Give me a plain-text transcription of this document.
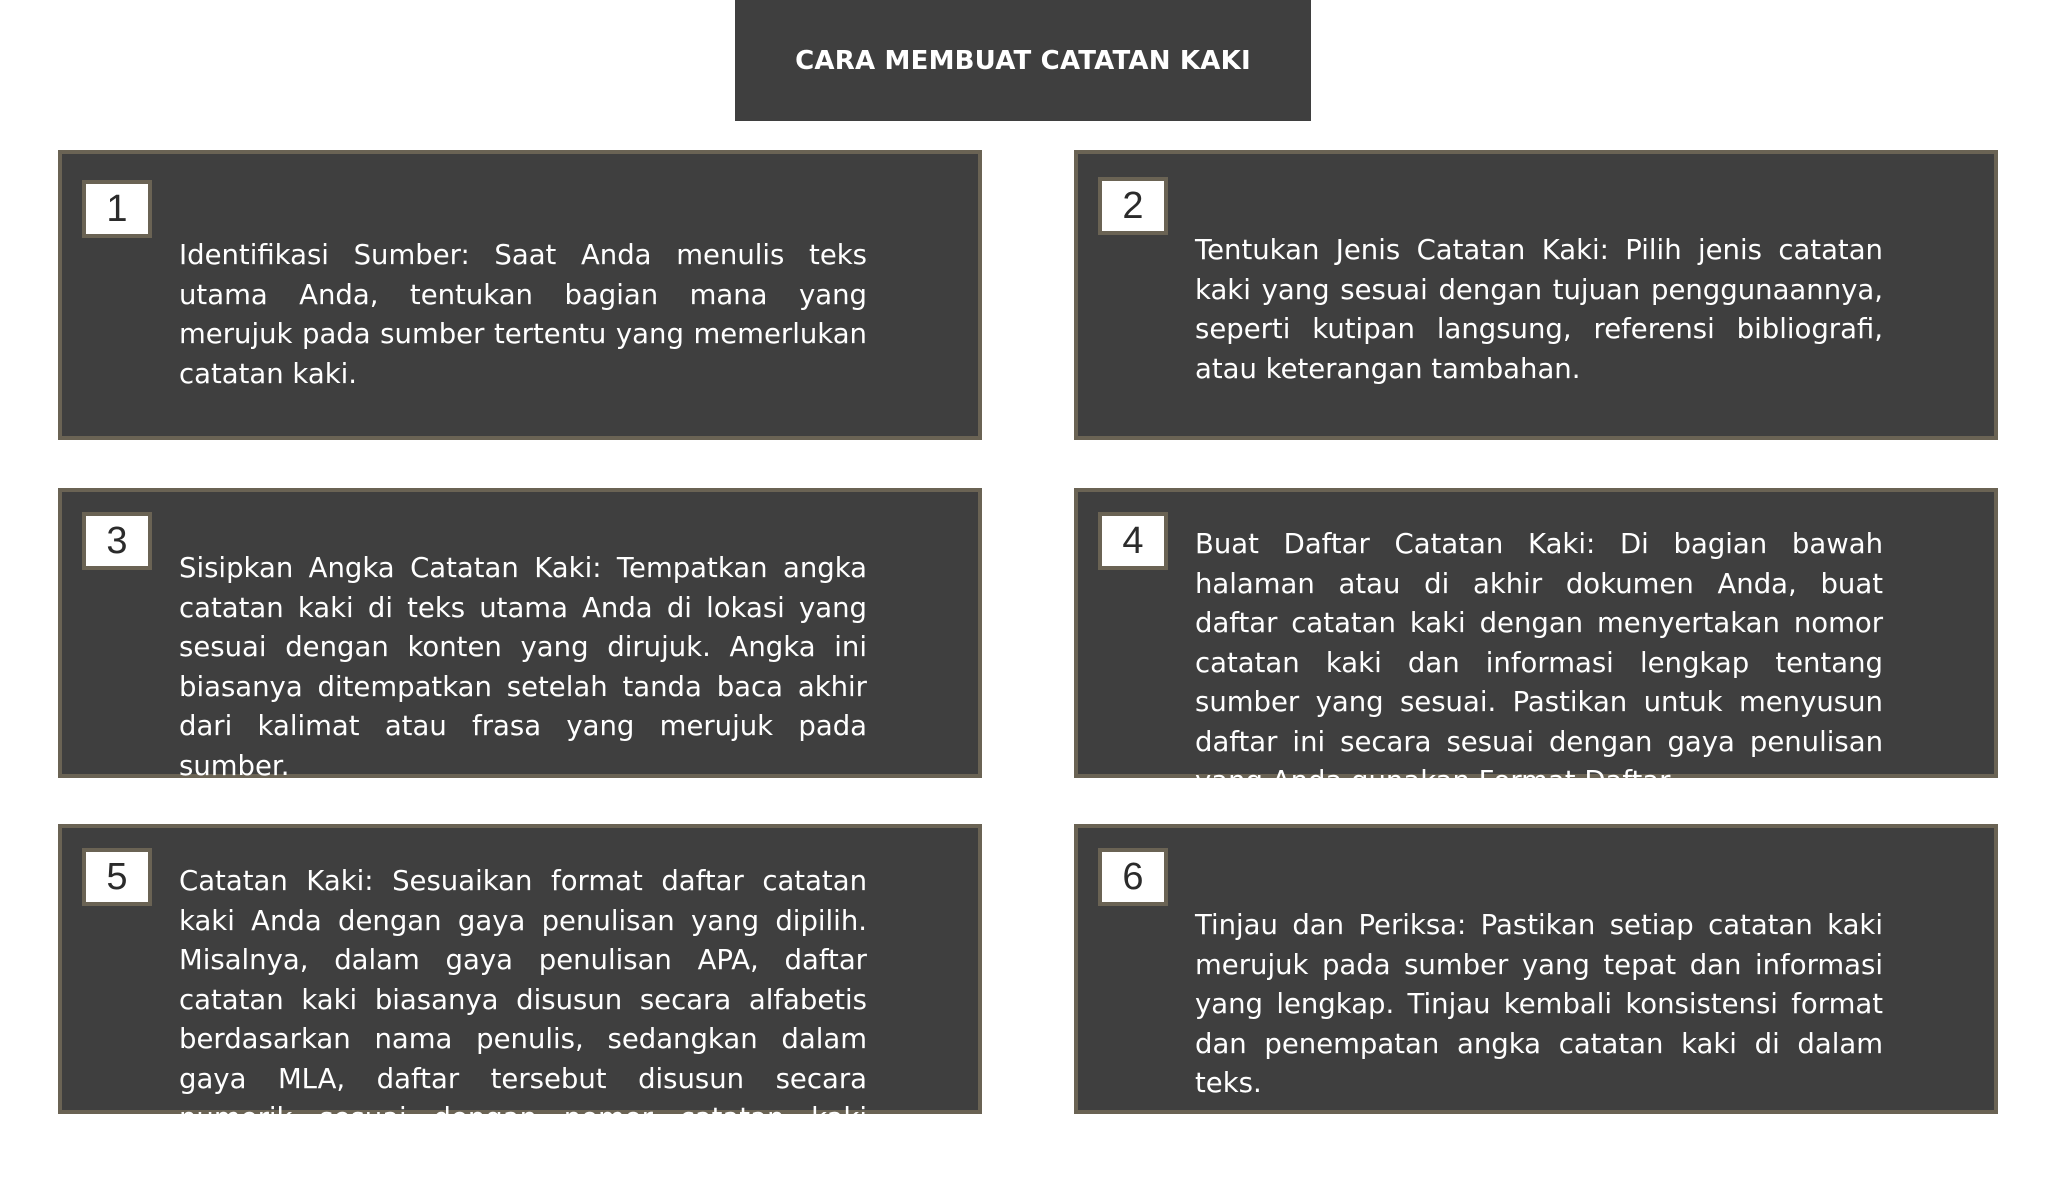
CARA MEMBUAT CATATAN KAKI
1

Identifikasi Sumber: Saat Anda menulis teks utama Anda, tentukan bagian mana yang merujuk pada sumber tertentu yang memerlukan catatan kaki.

2

Tentukan Jenis Catatan Kaki: Pilih jenis catatan kaki yang sesuai dengan tujuan penggunaannya, seperti kutipan langsung, referensi bibliografi, atau keterangan tambahan.

3

Sisipkan Angka Catatan Kaki: Tempatkan angka catatan kaki di teks utama Anda di lokasi yang sesuai dengan konten yang dirujuk. Angka ini biasanya ditempatkan setelah tanda baca akhir dari kalimat atau frasa yang merujuk pada sumber.

4 Buat Daftar Catatan Kaki: Di bagian bawah halaman atau di akhir dokumen Anda, buat daftar catatan kaki dengan menyertakan nomor catatan kaki dan informasi lengkap tentang sumber yang sesuai. Pastikan untuk menyusun daftar ini secara sesuai dengan gaya penulisan yang Anda gunakan.Format Daftar

5 Catatan Kaki: Sesuaikan format daftar catatan kaki Anda dengan gaya penulisan yang dipilih. Misalnya, dalam gaya penulisan APA, daftar catatan kaki biasanya disusun secara alfabetis berdasarkan nama penulis, sedangkan dalam gaya MLA, daftar tersebut disusun secara numerik sesuai dengan nomor catatan kaki dalam teks.

6

Tinjau dan Periksa: Pastikan setiap catatan kaki merujuk pada sumber yang tepat dan informasi yang lengkap. Tinjau kembali konsistensi format dan penempatan angka catatan kaki di dalam teks.
